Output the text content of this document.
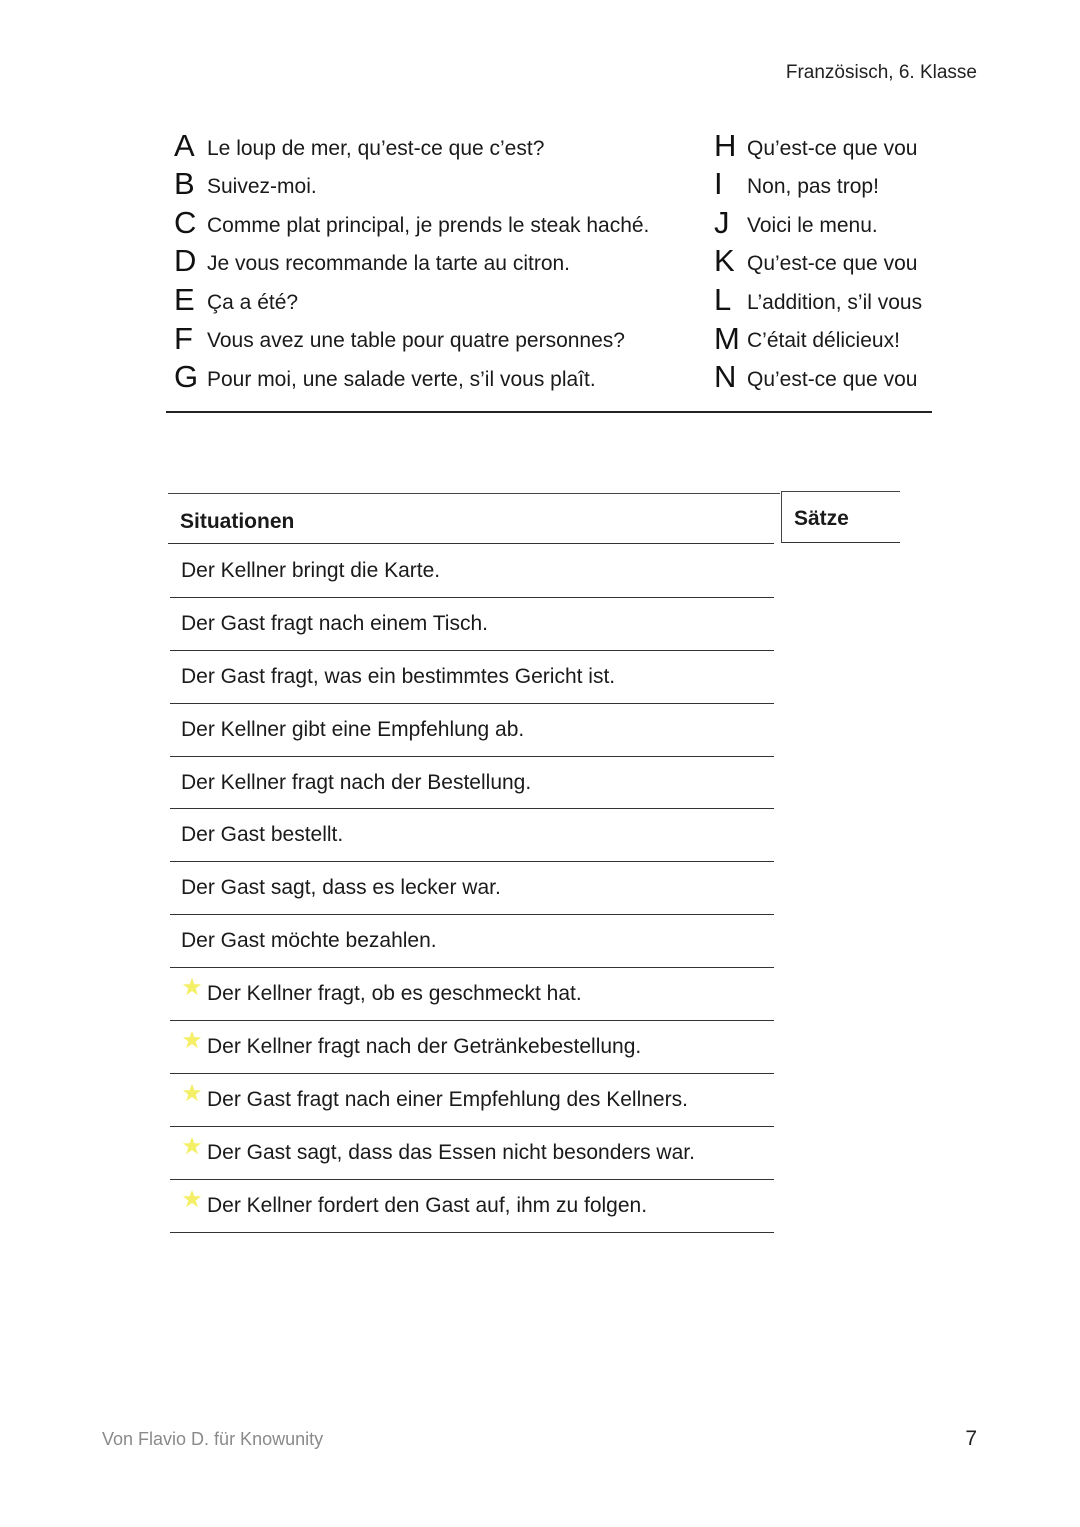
Französisch, 6. Klasse
A Le loup de mer, qu’est-ce que c’est?
B Suivez-moi.
C Comme plat principal, je prends le steak haché.
D Je vous recommande la tarte au citron.
E Ça a été?
F Vous avez une table pour quatre personnes?
G Pour moi, une salade verte, s’il vous plaît.
H Qu’est-ce que vou
I	Non, pas trop!
J Voici le menu.
K Qu’est-ce que vou
L L’addition, s’il vous
M C’était délicieux!
N Qu’est-ce que vou
Situationen	Sätze
Der Kellner bringt die Karte.
Der Gast fragt nach einem Tisch.
Der Gast fragt, was ein bestimmtes Gericht ist.
Der Kellner gibt eine Empfehlung ab.
Der Kellner fragt nach der Bestellung.
Der Gast bestellt.
Der Gast sagt, dass es lecker war.
Der Gast möchte bezahlen.
Der Kellner fragt, ob es geschmeckt hat.
Der Kellner fragt nach der Getränkebestellung.
Der Gast fragt nach einer Empfehlung des Kellners.
Der Gast sagt, dass das Essen nicht besonders war.
Der Kellner fordert den Gast auf, ihm zu folgen.
Von Flavio D. für Knowunity	7
